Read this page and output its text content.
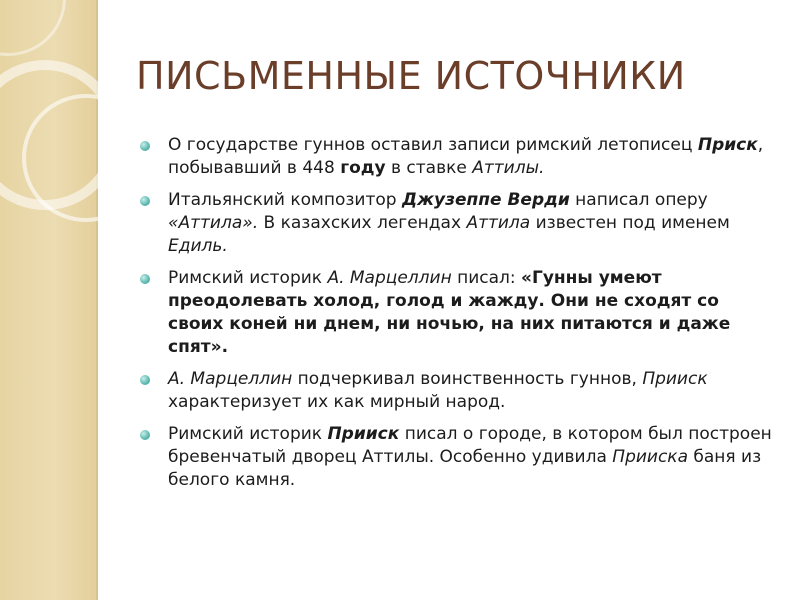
ПИСЬМЕННЫЕ ИСТОЧНИКИ
О государстве гуннов оставил записи римский летописец Приск, побывавший в 448 году в ставке Аттилы.
Итальянский композитор Джузеппе Верди написал оперу «Аттила». В казахских легендах Аттила известен под именем Едиль.
Римский историк А. Марцеллин писал: «Гунны умеют преодолевать холод, голод и жажду. Они не сходят со своих коней ни днем, ни ночью, на них питаются и даже спят».
А. Марцеллин подчеркивал воинственность гуннов, Прииск характеризует их как мирный народ.
Римский историк Прииск писал о городе, в котором был построен бревенчатый дворец Аттилы. Особенно удивила Прииска баня из белого камня.
